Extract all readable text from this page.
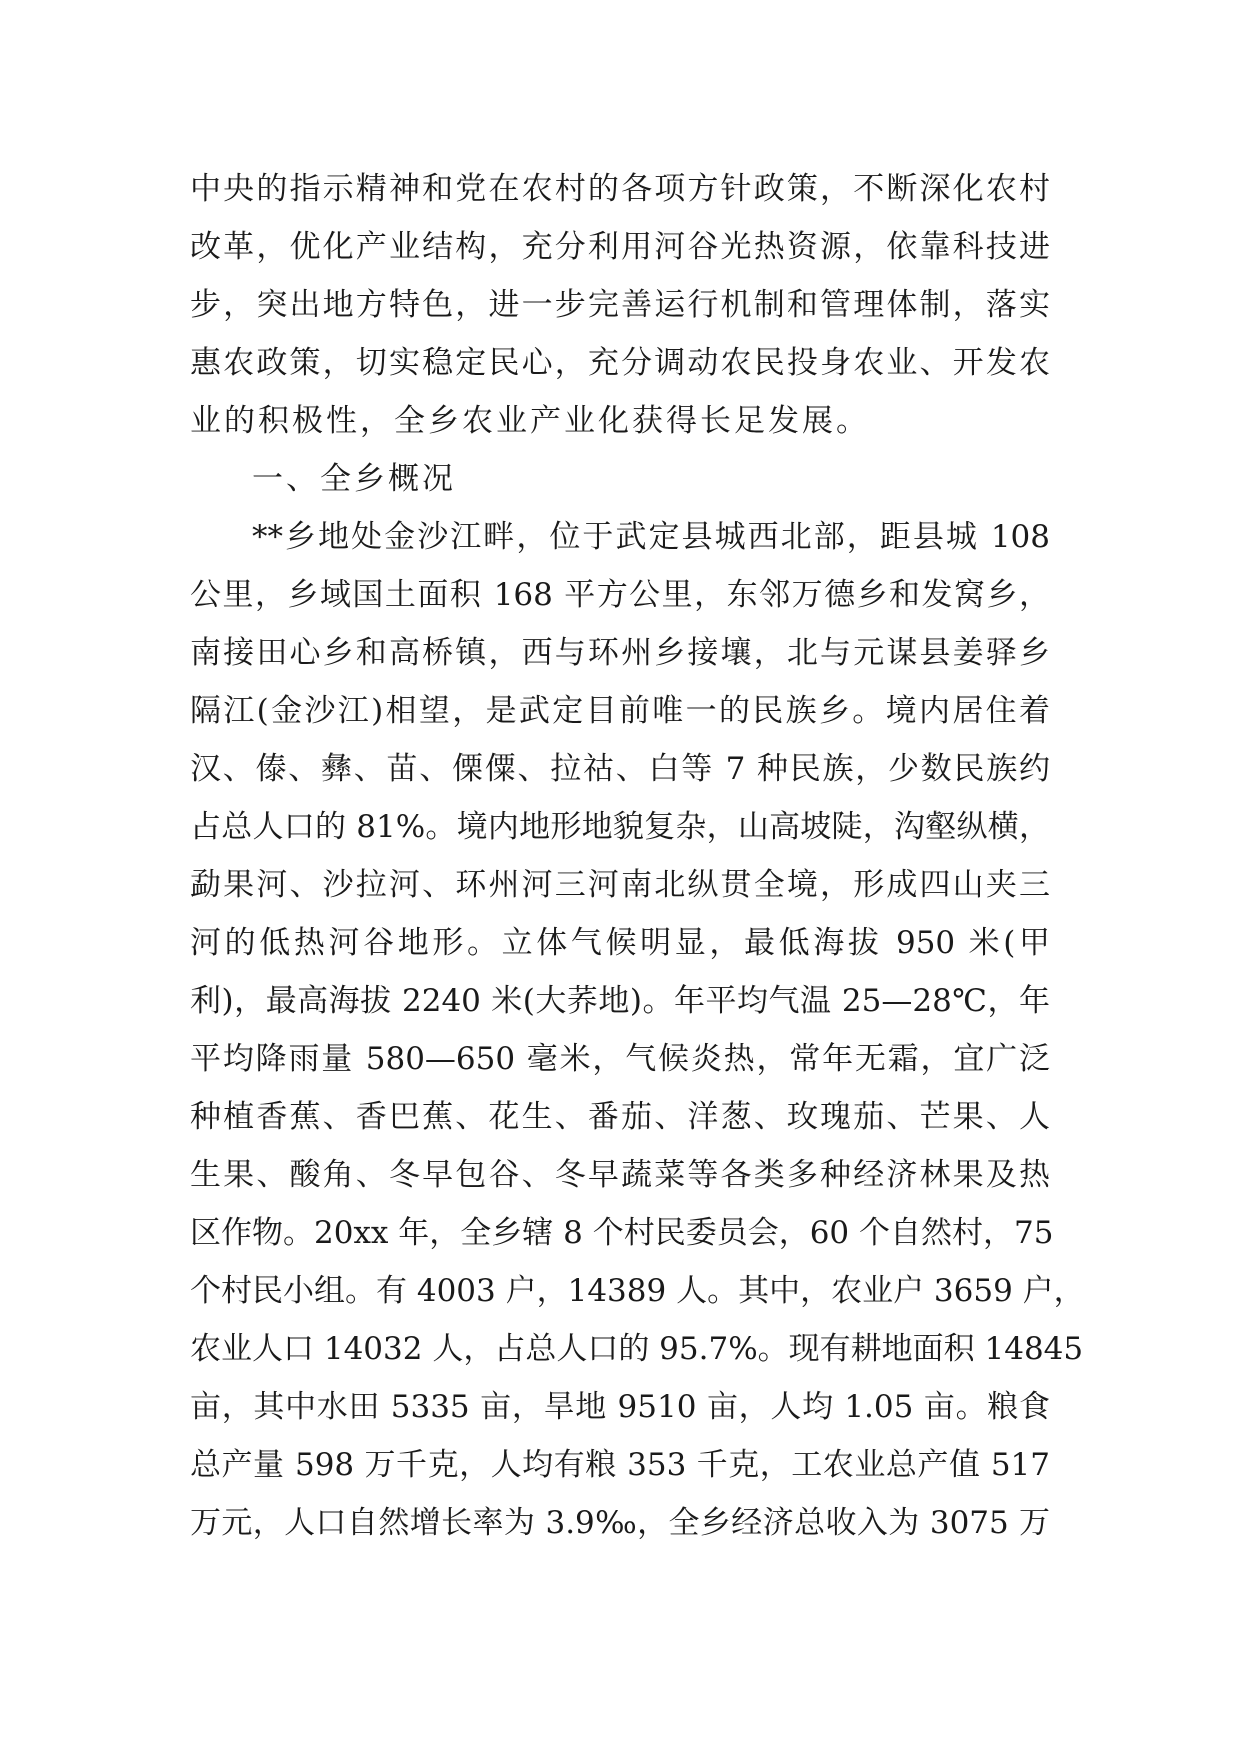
中央的指示精神和党在农村的各项方针政策，不断深化农村
改革，优化产业结构，充分利用河谷光热资源，依靠科技进
步，突出地方特色，进一步完善运行机制和管理体制，落实
惠农政策，切实稳定民心，充分调动农民投身农业、开发农
业的积极性，全乡农业产业化获得长足发展。
一、全乡概况
**乡地处金沙江畔，位于武定县城西北部，距县城 108
公里，乡域国土面积 168 平方公里，东邻万德乡和发窝乡，
南接田心乡和高桥镇，西与环州乡接壤，北与元谋县姜驿乡
隔江(金沙江)相望，是武定目前唯一的民族乡。境内居住着
汉、傣、彝、苗、傈僳、拉祜、白等 7 种民族，少数民族约
占总人口的 81%。境内地形地貌复杂，山高坡陡，沟壑纵横，
勐果河、沙拉河、环州河三河南北纵贯全境，形成四山夹三
河的低热河谷地形。立体气候明显，最低海拔 950 米(甲
利)，最高海拔 2240 米(大荞地)。年平均气温 25—28℃，年
平均降雨量 580—650 毫米，气候炎热，常年无霜，宜广泛
种植香蕉、香巴蕉、花生、番茄、洋葱、玫瑰茄、芒果、人
生果、酸角、冬早包谷、冬早蔬菜等各类多种经济林果及热
区作物。20xx 年，全乡辖 8 个村民委员会，60 个自然村，75
个村民小组。有 4003 户，14389 人。其中，农业户 3659 户，
农业人口 14032 人，占总人口的 95.7%。现有耕地面积 14845
亩，其中水田 5335 亩，旱地 9510 亩，人均 1.05 亩。粮食
总产量 598 万千克，人均有粮 353 千克，工农业总产值 517
万元，人口自然增长率为 3.9‰，全乡经济总收入为 3075 万
